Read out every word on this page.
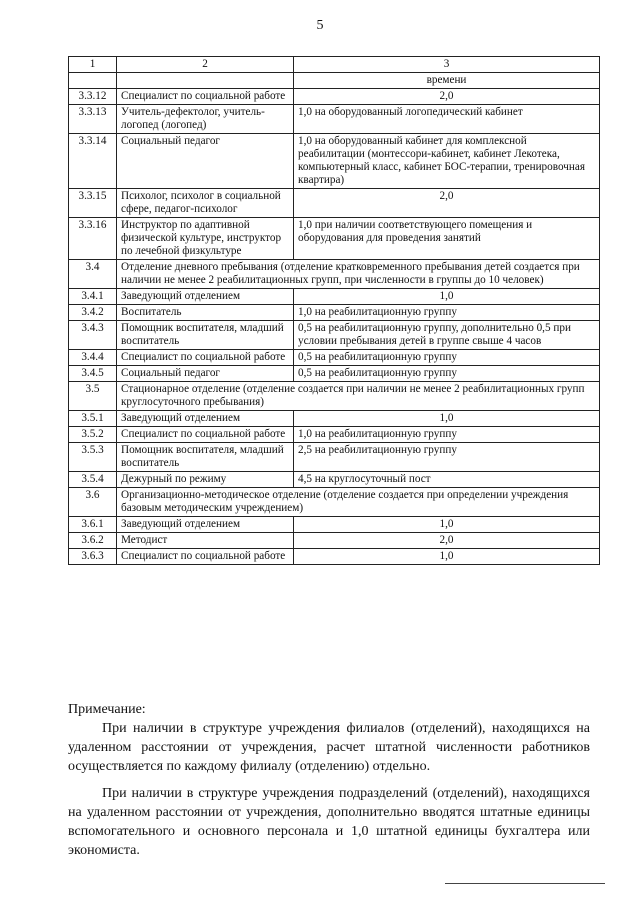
5
1	2	3
		времени
3.3.12	Специалист по социальной работе	2,0
3.3.13	Учитель-дефектолог, учитель-логопед (логопед)	1,0 на оборудованный логопедический кабинет
3.3.14	Социальный педагог	1,0 на оборудованный кабинет для комплексной реабилитации (монтессори-кабинет, кабинет Лекотека, компьютерный класс, кабинет БОС-терапии, тренировочная квартира)
3.3.15	Психолог, психолог в социальной сфере, педагог-психолог	2,0
3.3.16	Инструктор по адаптивной физической культуре, инструктор по лечебной физкультуре	1,0 при наличии соответствующего помещения и оборудования для проведения занятий
3.4	Отделение дневного пребывания (отделение кратковременного пребывания детей создается при наличии не менее 2 реабилитационных групп, при численности в группы до 10 человек)	
3.4.1	Заведующий отделением	1,0
3.4.2	Воспитатель	1,0 на реабилитационную группу
3.4.3	Помощник воспитателя, младший воспитатель	0,5 на реабилитационную группу, дополнительно 0,5 при условии пребывания детей в группе свыше 4 часов
3.4.4	Специалист по социальной работе	0,5 на реабилитационную группу
3.4.5	Социальный педагог	0,5 на реабилитационную группу
3.5	Стационарное отделение (отделение создается при наличии не менее 2 реабилитационных групп круглосуточного пребывания)	
3.5.1	Заведующий отделением	1,0
3.5.2	Специалист по социальной работе	1,0 на реабилитационную группу
3.5.3	Помощник воспитателя, младший воспитатель	2,5 на реабилитационную группу
3.5.4	Дежурный по режиму	4,5 на круглосуточный пост
3.6	Организационно-методическое отделение (отделение создается при определении учреждения базовым методическим учреждением)	
3.6.1	Заведующий отделением	1,0
3.6.2	Методист	2,0
3.6.3	Специалист по социальной работе	1,0

Примечание:

При наличии в структуре учреждения филиалов (отделений), находящихся на удаленном расстоянии от учреждения, расчет штатной численности работников осуществляется по каждому филиалу (отделению) отдельно.

При наличии в структуре учреждения подразделений (отделений), находящихся на удаленном расстоянии от учреждения, дополнительно вводятся штатные единицы вспомогательного и основного персонала и 1,0 штатной единицы бухгалтера или экономиста.
